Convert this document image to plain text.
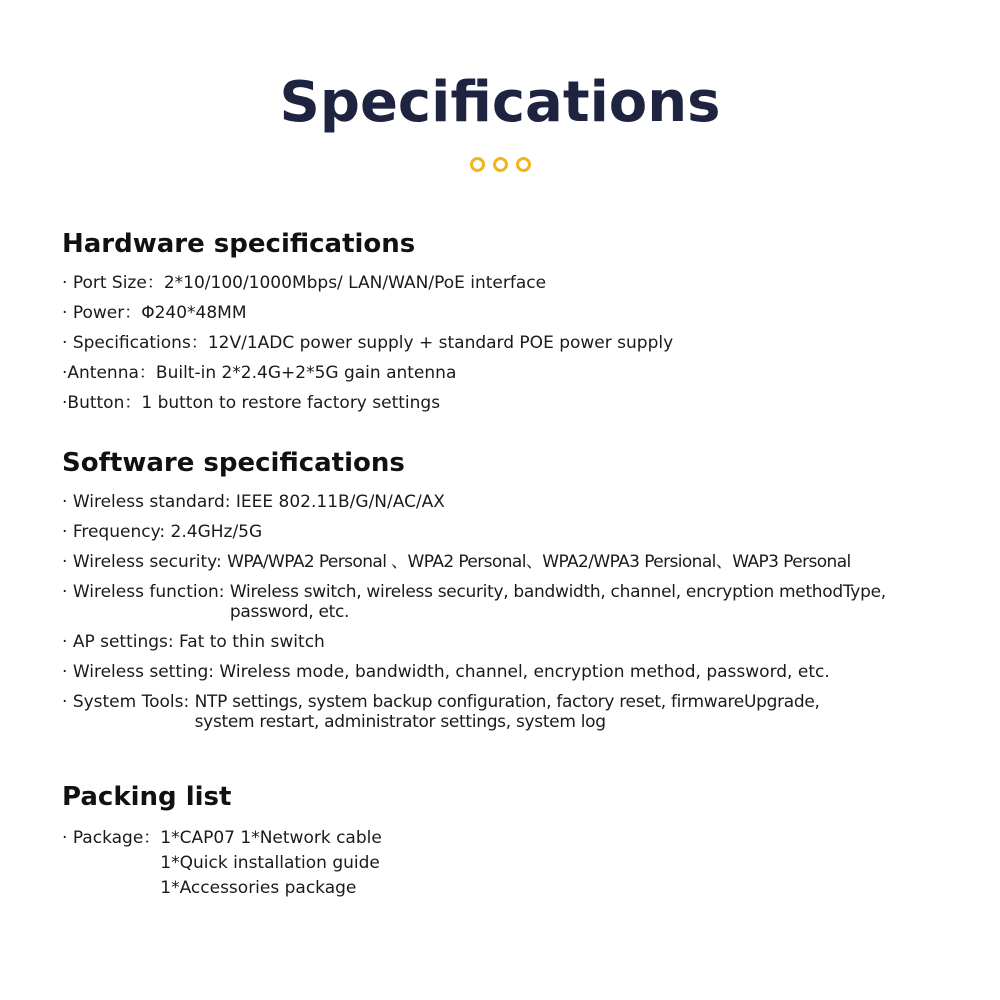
Specifications
Hardware specifications
· Port Size： 2*10/100/1000Mbps/ LAN/WAN/PoE interface
· Power： Φ240*48MM
· Specifications： 12V/1ADC power supply + standard POE power supply
· Antenna： Built-in 2*2.4G+2*5G gain antenna
· Button： 1 button to restore factory settings
Software specifications
· Wireless standard: IEEE 802.11B/G/N/AC/AX
· Frequency: 2.4GHz/5G
· Wireless security: WPA/WPA2 Personal 、WPA2 Personal、WPA2/WPA3 Persional、WAP3 Personal
· Wireless function: Wireless switch, wireless security, bandwidth, channel, encryption methodType,
password, etc.
· AP settings: Fat to thin switch
· Wireless setting: Wireless mode, bandwidth, channel, encryption method, password, etc.
· System Tools: NTP settings, system backup configuration, factory reset, firmwareUpgrade,
system restart, administrator settings, system log
Packing list
· Package： 1*CAP07 1*Network cable
1*Quick installation guide
1*Accessories package
